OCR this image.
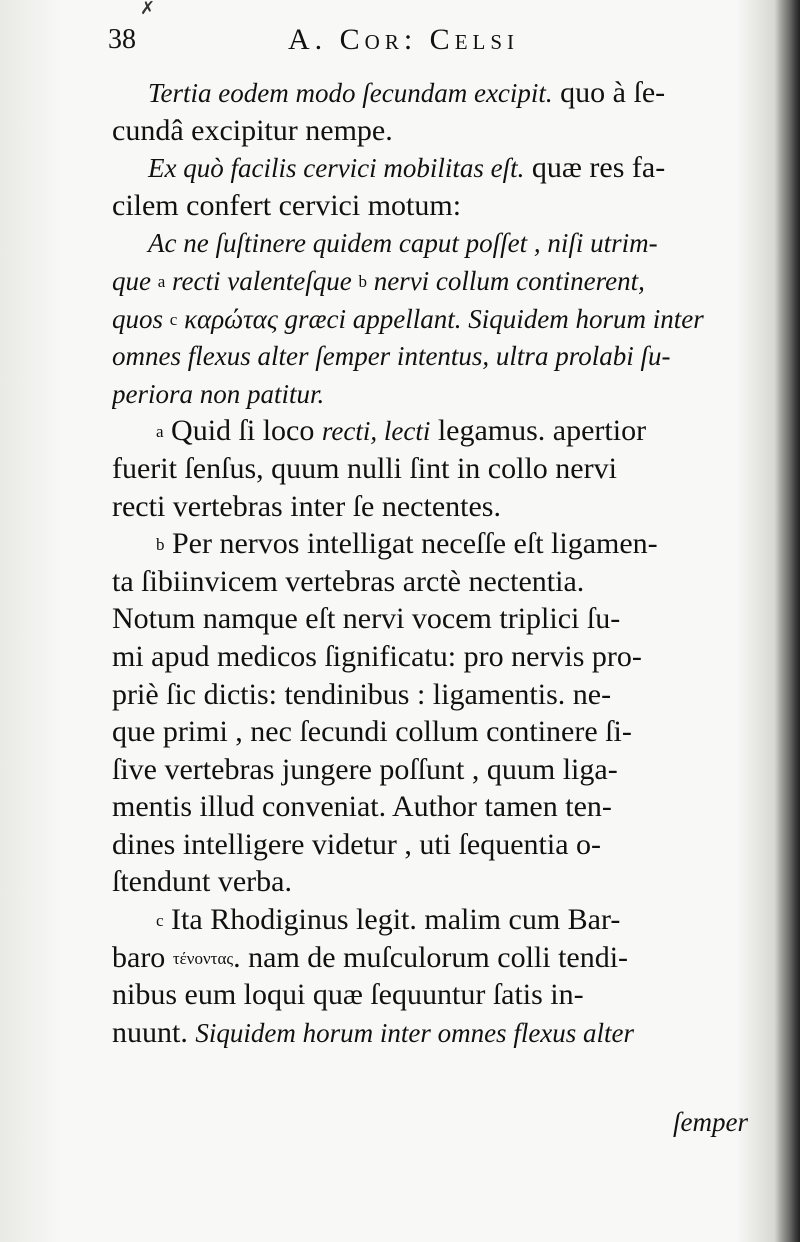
✗
38	A. Cor: Celsi
Tertia eodem modo ſecundam excipit. quo à ſe-
cundâ excipitur nempe.
Ex quò facilis cervici mobilitas eſt. quæ res fa-
cilem confert cervici motum:
Ac ne ſuſtinere quidem caput poſſet , niſi utrim-
que a recti valenteſque b nervi collum continerent,
quos c καρώτας græci appellant. Siquidem horum inter
omnes flexus alter ſemper intentus, ultra prolabi ſu-
periora non patitur.
a Quid ſi loco recti, lecti legamus. apertior
fuerit ſenſus, quum nulli ſint in collo nervi
recti vertebras inter ſe nectentes.
b Per nervos intelligat neceſſe eſt ligamen-
ta ſibiinvicem vertebras arctè nectentia.
Notum namque eſt nervi vocem triplici ſu-
mi apud medicos ſignificatu: pro nervis pro-
priè ſic dictis: tendinibus : ligamentis. ne-
que primi , nec ſecundi collum continere ſi-
ſive vertebras jungere poſſunt , quum liga-
mentis illud conveniat. Author tamen ten-
dines intelligere videtur , uti ſequentia o-
ſtendunt verba.
c Ita Rhodiginus legit. malim cum Bar-
baro τένοντας. nam de muſculorum colli tendi-
nibus eum loqui quæ ſequuntur ſatis in-
nuunt. Siquidem horum inter omnes flexus alter
ſemper
